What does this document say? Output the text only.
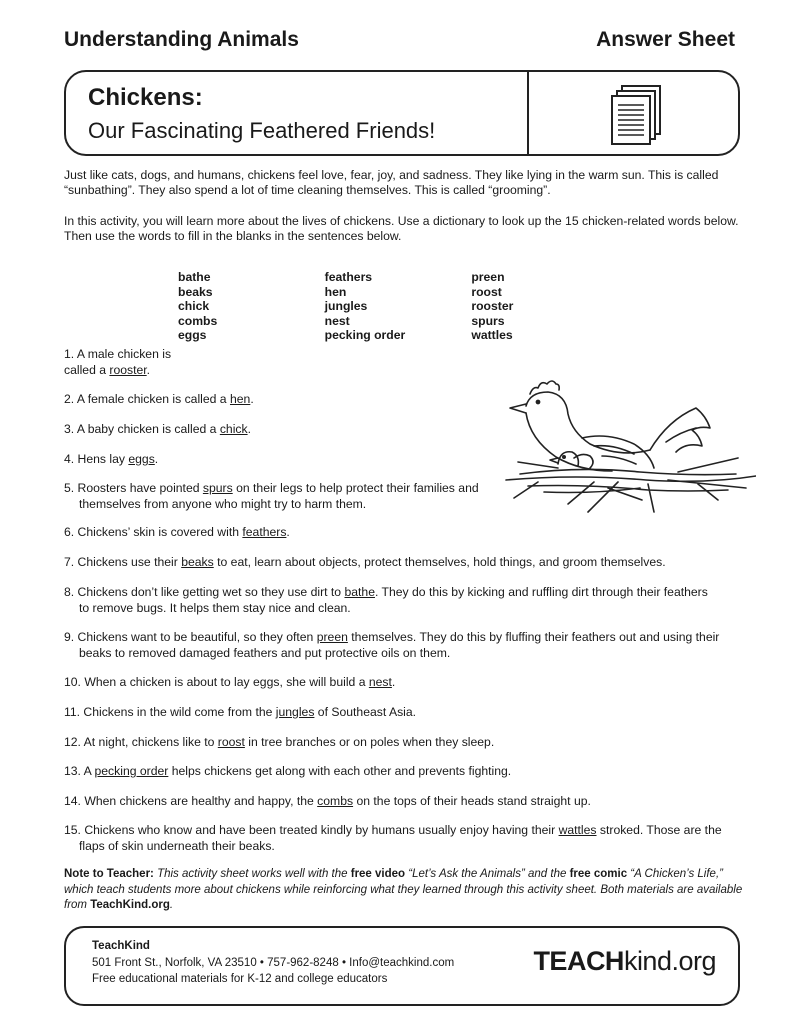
Understanding Animals	Answer Sheet
Chickens:
Our Fascinating Feathered Friends!
Just like cats, dogs, and humans, chickens feel love, fear, joy, and sadness. They like lying in the warm sun. This is called “sunbathing”. They also spend a lot of time cleaning themselves. This is called “grooming”.
In this activity, you will learn more about the lives of chickens. Use a dictionary to look up the 15 chicken-related words below. Then use the words to fill in the blanks in the sentences below.
bathe
beaks
chick
combs
eggs
feathers
hen
jungles
nest
pecking order
preen
roost
rooster
spurs
wattles
1. A male chicken is
called a rooster.
2. A female chicken is called a hen.
3. A baby chicken is called a chick.
4. Hens lay eggs.
5. Roosters have pointed spurs on their legs to help protect their families and
themselves from anyone who might try to harm them.
6. Chickens’ skin is covered with feathers.
7. Chickens use their beaks to eat, learn about objects, protect themselves, hold things, and groom themselves.
8. Chickens don’t like getting wet so they use dirt to bathe. They do this by kicking and ruffling dirt through their feathers
to remove bugs. It helps them stay nice and clean.
9. Chickens want to be beautiful, so they often preen themselves. They do this by fluffing their feathers out and using their
beaks to removed damaged feathers and put protective oils on them.
10. When a chicken is about to lay eggs, she will build a nest.
11. Chickens in the wild come from the jungles of Southeast Asia.
12. At night, chickens like to roost in tree branches or on poles when they sleep.
13. A pecking order helps chickens get along with each other and prevents fighting.
14. When chickens are healthy and happy, the combs on the tops of their heads stand straight up.
15. Chickens who know and have been treated kindly by humans usually enjoy having their wattles stroked. Those are the
flaps of skin underneath their beaks.
Note to Teacher: This activity sheet works well with the free video “Let’s Ask the Animals” and the free comic “A Chicken’s Life,” which teach students more about chickens while reinforcing what they learned through this activity sheet. Both materials are available from TeachKind.org.
TeachKind
501 Front St., Norfolk, VA 23510 • 757-962-8248 • Info@teachkind.com
Free educational materials for K-12 and college educators
TEACHkind.org
